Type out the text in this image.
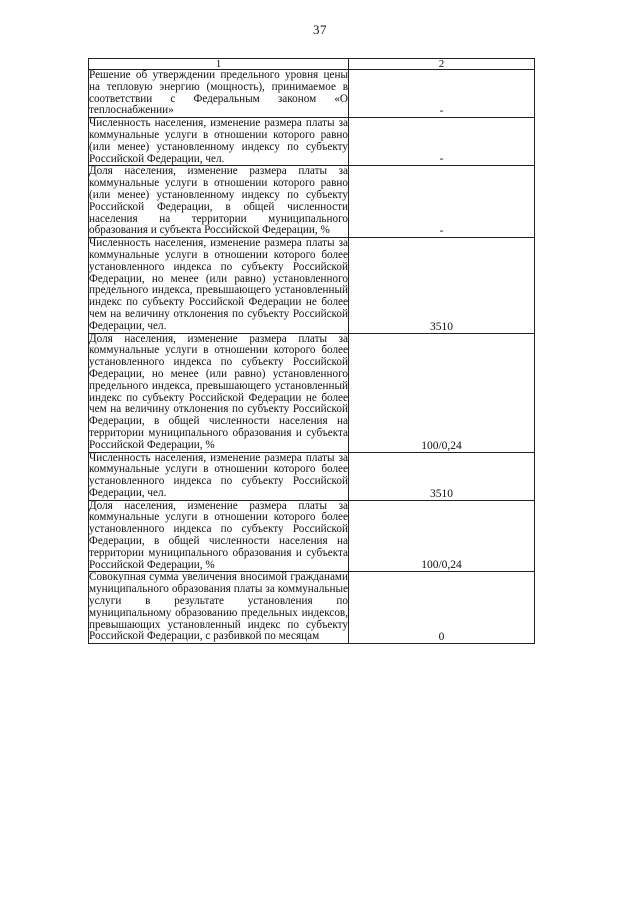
37
1	2
Решение об утверждении предельного уровня цены на тепловую энергию (мощность), принимаемое в соответствии с Федеральным законом «О теплоснабжении»	-
Численность населения, изменение размера платы за коммунальные услуги в отношении которого равно (или менее) установленному индексу по субъекту Российской Федерации, чел.	-
Доля населения, изменение размера платы за коммунальные услуги в отношении которого равно (или менее) установленному индексу по субъекту Российской Федерации, в общей численности населения на территории муниципального образования и субъекта Российской Федерации, %	-
Численность населения, изменение размера платы за коммунальные услуги в отношении которого более установленного индекса по субъекту Российской Федерации, но менее (или равно) установленного предельного индекса, превышающего установленный индекс по субъекту Российской Федерации не более чем на величину отклонения по субъекту Российской Федерации, чел.	3510
Доля населения, изменение размера платы за коммунальные услуги в отношении которого более установленного индекса по субъекту Российской Федерации, но менее (или равно) установленного предельного индекса, превышающего установленный индекс по субъекту Российской Федерации не более чем на величину отклонения по субъекту Российской Федерации, в общей численности населения на территории муниципального образования и субъекта Российской Федерации, %	100/0,24
Численность населения, изменение размера платы за коммунальные услуги в отношении которого более установленного индекса по субъекту Российской Федерации, чел.	3510
Доля населения, изменение размера платы за коммунальные услуги в отношении которого более установленного индекса по субъекту Российской Федерации, в общей численности населения на территории муниципального образования и субъекта Российской Федерации, %	100/0,24
Совокупная сумма увеличения вносимой гражданами муниципального образования платы за коммунальные услуги в результате установления по муниципальному образованию предельных индексов, превышающих установленный индекс по субъекту Российской Федерации, с разбивкой по месяцам	0
